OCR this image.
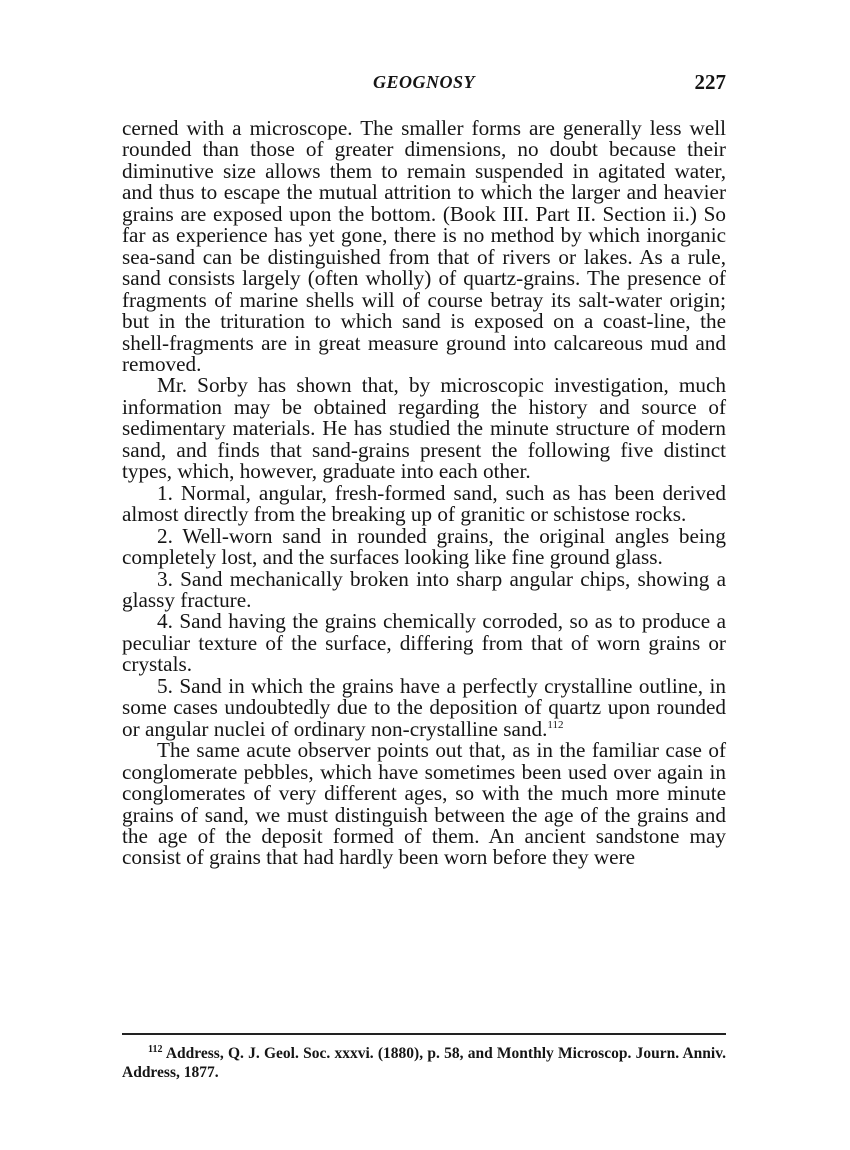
GEOGNOSY	227

cerned with a microscope. The smaller forms are generally less well rounded than those of greater dimensions, no doubt because their diminutive size allows them to remain suspended in agitated water, and thus to escape the mutual attrition to which the larger and heavier grains are exposed upon the bottom. (Book III. Part II. Section ii.) So far as experience has yet gone, there is no method by which inorganic sea-sand can be distinguished from that of rivers or lakes. As a rule, sand consists largely (often wholly) of quartz-grains. The presence of fragments of marine shells will of course betray its salt-water origin; but in the trituration to which sand is exposed on a coast-line, the shell-fragments are in great measure ground into calcareous mud and removed.

Mr. Sorby has shown that, by microscopic investigation, much information may be obtained regarding the history and source of sedimentary materials. He has studied the minute structure of modern sand, and finds that sand-grains present the following five distinct types, which, however, graduate into each other.

1. Normal, angular, fresh-formed sand, such as has been derived almost directly from the breaking up of granitic or schistose rocks.

2. Well-worn sand in rounded grains, the original angles being completely lost, and the surfaces looking like fine ground glass.

3. Sand mechanically broken into sharp angular chips, showing a glassy fracture.

4. Sand having the grains chemically corroded, so as to produce a peculiar texture of the surface, differing from that of worn grains or crystals.

5. Sand in which the grains have a perfectly crystalline outline, in some cases undoubtedly due to the deposition of quartz upon rounded or angular nuclei of ordinary non-crystalline sand.$^{112}$

The same acute observer points out that, as in the familiar case of conglomerate pebbles, which have sometimes been used over again in conglomerates of very different ages, so with the much more minute grains of sand, we must distinguish between the age of the grains and the age of the deposit formed of them. An ancient sandstone may consist of grains that had hardly been worn before they were

$^{112}$ Address, Q. J. Geol. Soc. xxxvi. (1880), p. 58, and Monthly Microscop. Journ. Anniv. Address, 1877.
